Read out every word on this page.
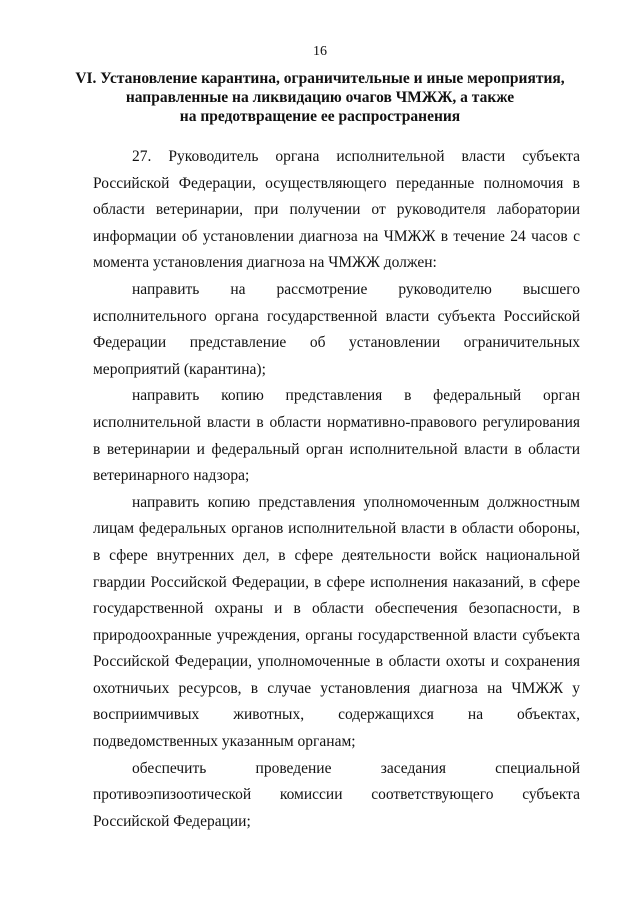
16
VI. Установление карантина, ограничительные и иные мероприятия,
направленные на ликвидацию очагов ЧМЖЖ, а также
на предотвращение ее распространения

27. Руководитель органа исполнительной власти субъекта Российской Федерации, осуществляющего переданные полномочия в области ветеринарии, при получении от руководителя лаборатории информации об установлении диагноза на ЧМЖЖ в течение 24 часов с момента установления диагноза на ЧМЖЖ должен:

направить на рассмотрение руководителю высшего исполнительного органа государственной власти субъекта Российской Федерации представление об установлении ограничительных мероприятий (карантина);

направить копию представления в федеральный орган исполнительной власти в области нормативно-правового регулирования в ветеринарии и федеральный орган исполнительной власти в области ветеринарного надзора;

направить копию представления уполномоченным должностным лицам федеральных органов исполнительной власти в области обороны, в сфере внутренних дел, в сфере деятельности войск национальной гвардии Российской Федерации, в сфере исполнения наказаний, в сфере государственной охраны и в области обеспечения безопасности, в природоохранные учреждения, органы государственной власти субъекта Российской Федерации, уполномоченные в области охоты и сохранения охотничьих ресурсов, в случае установления диагноза на ЧМЖЖ у восприимчивых животных, содержащихся на объектах, подведомственных указанным органам;

обеспечить проведение заседания специальной противоэпизоотической комиссии соответствующего субъекта Российской Федерации;
